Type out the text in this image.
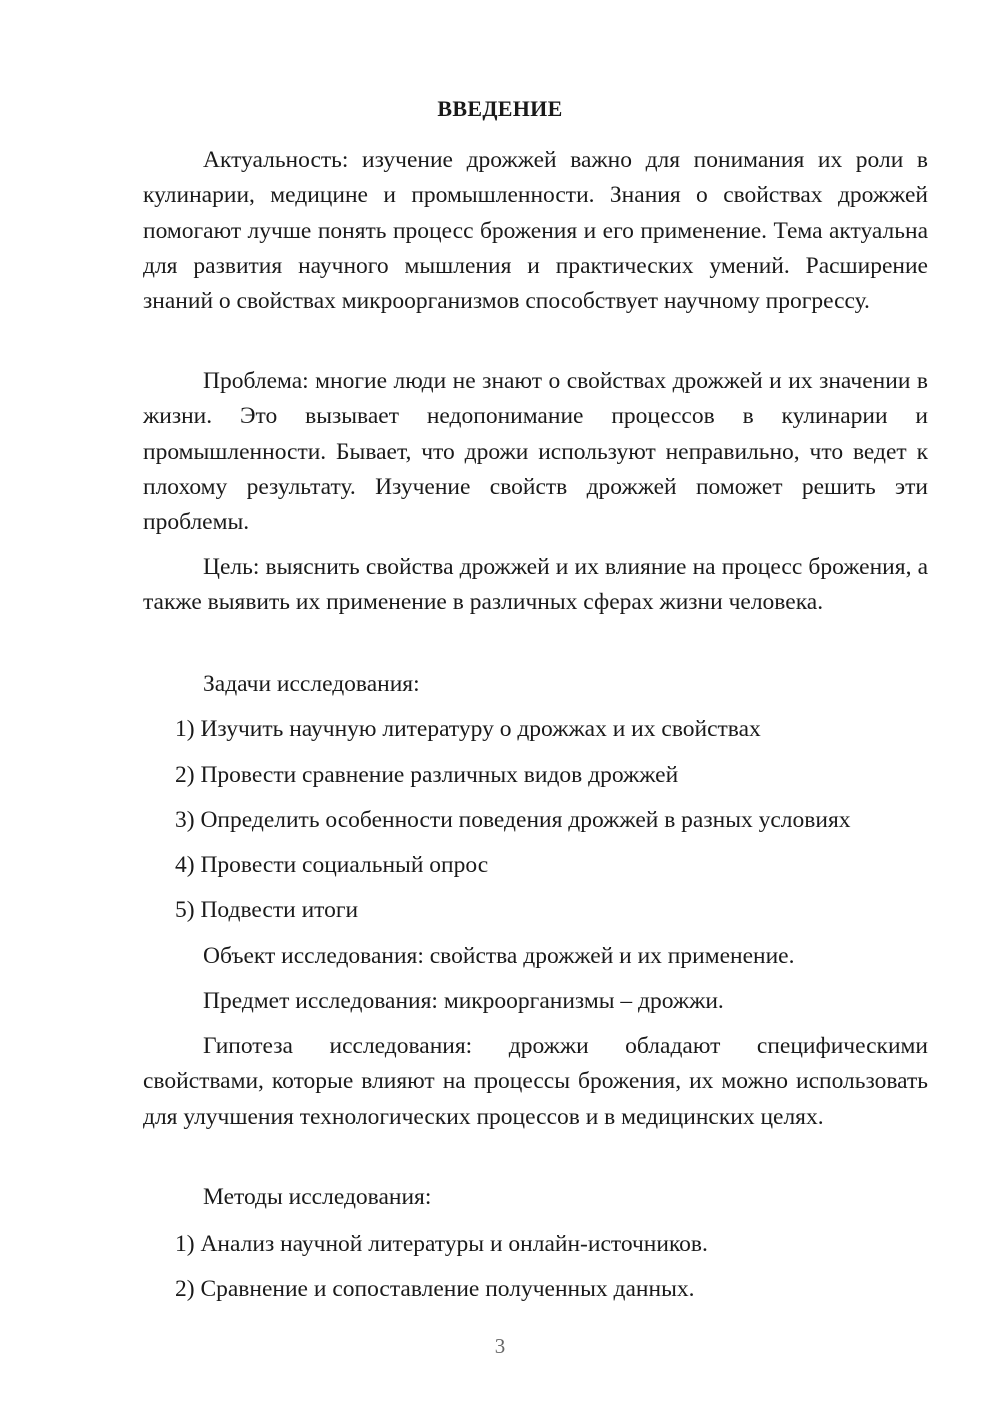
ВВЕДЕНИЕ

Актуальность: изучение дрожжей важно для понимания их роли в кулинарии, медицине и промышленности. Знания о свойствах дрожжей помогают лучше понять процесс брожения и его применение. Тема актуальна для развития научного мышления и практических умений. Расширение знаний о свойствах микроорганизмов способствует научному прогрессу.

Проблема: многие люди не знают о свойствах дрожжей и их значении в жизни. Это вызывает недопонимание процессов в кулинарии и промышленности. Бывает, что дрожи используют неправильно, что ведет к плохому результату. Изучение свойств дрожжей поможет решить эти проблемы.

Цель: выяснить свойства дрожжей и их влияние на процесс брожения, а также выявить их применение в различных сферах жизни человека.

Задачи исследования:

1) Изучить научную литературу о дрожжах и их свойствах

2) Провести сравнение различных видов дрожжей

3) Определить особенности поведения дрожжей в разных условиях

4) Провести социальный опрос

5) Подвести итоги

Объект исследования: свойства дрожжей и их применение.

Предмет исследования: микроорганизмы – дрожжи.

Гипотеза исследования: дрожжи обладают специфическими свойствами, которые влияют на процессы брожения, их можно использовать для улучшения технологических процессов и в медицинских целях.

Методы исследования:

1) Анализ научной литературы и онлайн-источников.

2) Сравнение и сопоставление полученных данных.

3
